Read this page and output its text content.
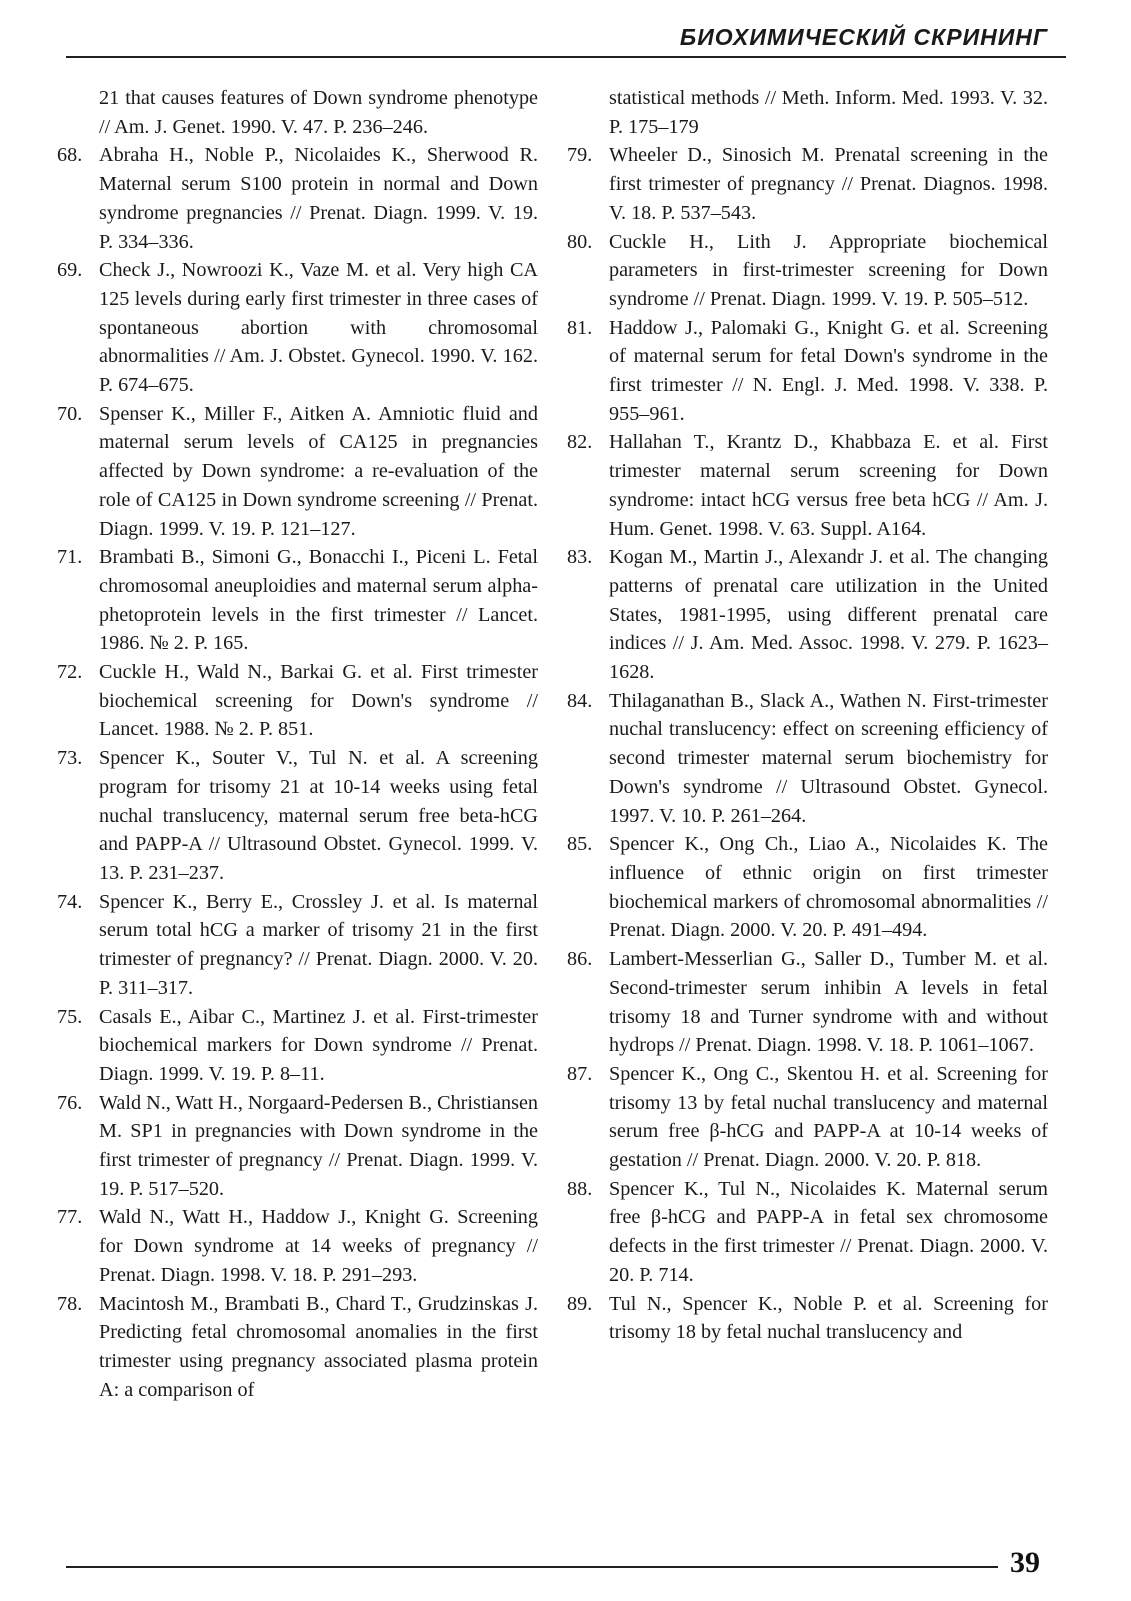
БИОХИМИЧЕСКИЙ СКРИНИНГ

21 that causes features of Down syndrome phenotype // Am. J. Genet. 1990. V. 47. P. 236–246.

68. Abraha H., Noble P., Nicolaides K., Sherwood R. Maternal serum S100 protein in normal and Down syndrome pregnancies // Prenat. Diagn. 1999. V. 19. P. 334–336.

69. Check J., Nowroozi K., Vaze M. et al. Very high CA 125 levels during early first trimester in three cases of spontaneous abortion with chromosomal abnormalities // Am. J. Obstet. Gynecol. 1990. V. 162. P. 674–675.

70. Spenser K., Miller F., Aitken A. Amniotic fluid and maternal serum levels of CA125 in pregnancies affected by Down syndrome: a re-evaluation of the role of CA125 in Down syndrome screening // Prenat. Diagn. 1999. V. 19. P. 121–127.

71. Brambati B., Simoni G., Bonacchi I., Piceni L. Fetal chromosomal aneuploidies and maternal serum alpha-phetoprotein levels in the first trimester // Lancet. 1986. № 2. P. 165.

72. Cuckle H., Wald N., Barkai G. et al. First trimester biochemical screening for Down's syndrome // Lancet. 1988. № 2. P. 851.

73. Spencer K., Souter V., Tul N. et al. A screening program for trisomy 21 at 10-14 weeks using fetal nuchal translucency, maternal serum free beta-hCG and PAPP-A // Ultrasound Obstet. Gynecol. 1999. V. 13. P. 231–237.

74. Spencer K., Berry E., Crossley J. et al. Is maternal serum total hCG a marker of trisomy 21 in the first trimester of pregnancy? // Prenat. Diagn. 2000. V. 20. P. 311–317.

75. Casals E., Aibar C., Martinez J. et al. First-trimester biochemical markers for Down syndrome // Prenat. Diagn. 1999. V. 19. P. 8–11.

76. Wald N., Watt H., Norgaard-Pedersen B., Christiansen M. SP1 in pregnancies with Down syndrome in the first trimester of pregnancy // Prenat. Diagn. 1999. V. 19. P. 517–520.

77. Wald N., Watt H., Haddow J., Knight G. Screening for Down syndrome at 14 weeks of pregnancy // Prenat. Diagn. 1998. V. 18. P. 291–293.

78. Macintosh M., Brambati B., Chard T., Grudzinskas J. Predicting fetal chromosomal anomalies in the first trimester using pregnancy associated plasma protein A: a comparison of

statistical methods // Meth. Inform. Med. 1993. V. 32. P. 175–179

79. Wheeler D., Sinosich M. Prenatal screening in the first trimester of pregnancy // Prenat. Diagnos. 1998. V. 18. P. 537–543.

80. Cuckle H., Lith J. Appropriate biochemical parameters in first-trimester screening for Down syndrome // Prenat. Diagn. 1999. V. 19. P. 505–512.

81. Haddow J., Palomaki G., Knight G. et al. Screening of maternal serum for fetal Down's syndrome in the first trimester // N. Engl. J. Med. 1998. V. 338. P. 955–961.

82. Hallahan T., Krantz D., Khabbaza E. et al. First trimester maternal serum screening for Down syndrome: intact hCG versus free beta hCG // Am. J. Hum. Genet. 1998. V. 63. Suppl. A164.

83. Kogan M., Martin J., Alexandr J. et al. The changing patterns of prenatal care utilization in the United States, 1981-1995, using different prenatal care indices // J. Am. Med. Assoc. 1998. V. 279. P. 1623–1628.

84. Thilaganathan B., Slack A., Wathen N. First-trimester nuchal translucency: effect on screening efficiency of second trimester maternal serum biochemistry for Down's syndrome // Ultrasound Obstet. Gynecol. 1997. V. 10. P. 261–264.

85. Spencer K., Ong Ch., Liao A., Nicolaides K. The influence of ethnic origin on first trimester biochemical markers of chromosomal abnormalities // Prenat. Diagn. 2000. V. 20. P. 491–494.

86. Lambert-Messerlian G., Saller D., Tumber M. et al. Second-trimester serum inhibin A levels in fetal trisomy 18 and Turner syndrome with and without hydrops // Prenat. Diagn. 1998. V. 18. P. 1061–1067.

87. Spencer K., Ong C., Skentou H. et al. Screening for trisomy 13 by fetal nuchal translucency and maternal serum free β-hCG and PAPP-A at 10-14 weeks of gestation // Prenat. Diagn. 2000. V. 20. P. 818.

88. Spencer K., Tul N., Nicolaides K. Maternal serum free β-hCG and PAPP-A in fetal sex chromosome defects in the first trimester // Prenat. Diagn. 2000. V. 20. P. 714.

89. Tul N., Spencer K., Noble P. et al. Screening for trisomy 18 by fetal nuchal translucency and

39
